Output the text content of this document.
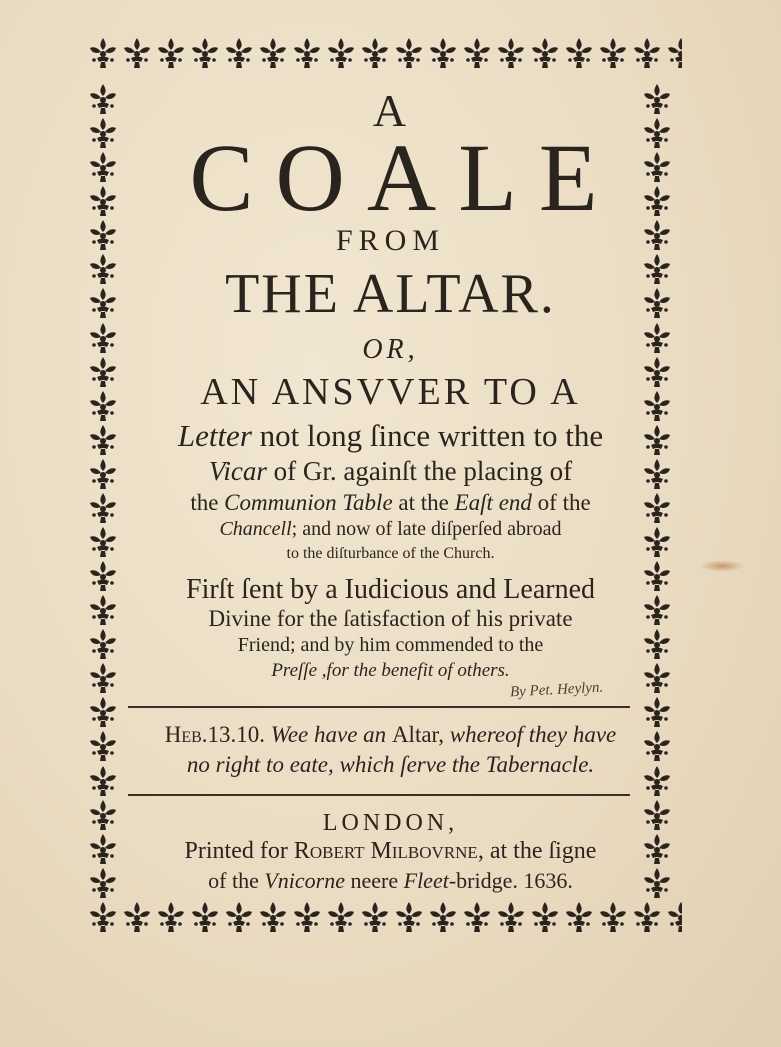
A
COALE
FROM
THE ALTAR.
OR,
AN ANSVVER TO A
Letter not long ſince written to the
Vicar of Gr. againſt the placing of
the Communion Table at the Eaſt end of the
Chancell; and now of late diſperſed abroad
to the diſturbance of the Church.
Firſt ſent by a Iudicious and Learned
Divine for the ſatisfaction of his private
Friend; and by him commended to the
Preſſe ,for the benefit of others.
By Pet. Heylyn.
Heb.13.10. Wee have an Altar, whereof they have
no right to eate, which ſerve the Tabernacle.
LONDON,
Printed for Robert Milbovrne, at the ſigne
of the Vnicorne neere Fleet-bridge. 1636.
